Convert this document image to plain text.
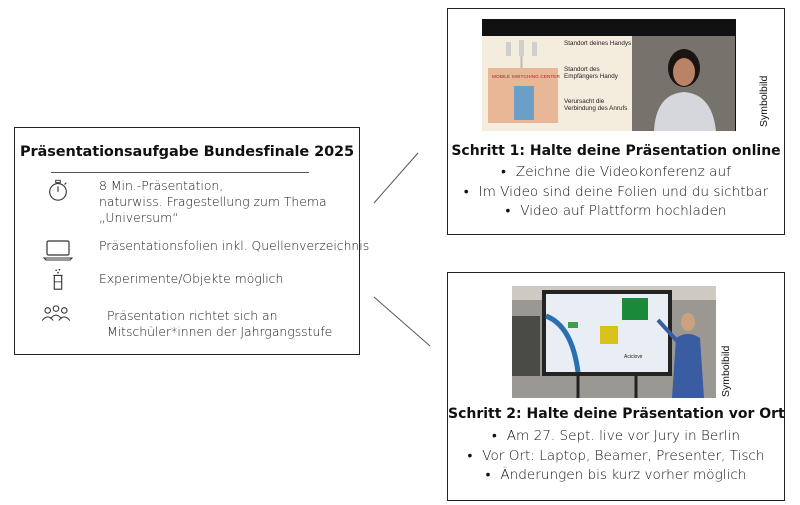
Präsentationsaufgabe Bundesfinale 2025
8 Min.-Präsentation,
naturwiss. Fragestellung zum Thema
„Universum“
Präsentationsfolien inkl. Quellenverzeichnis
Experimente/Objekte möglich
Präsentation richtet sich an
Mitschüler*innen der Jahrgangsstufe
MOBILE SWITCHING CENTER
Standort deines Handys
Standort des Empfängers Handy
Verursacht die Verbindung des Anrufs	Symbolbild
Schritt 1: Halte deine Präsentation online
• Zeichne die Videokonferenz auf
• Im Video sind deine Folien und du sichtbar
• Video auf Plattform hochladen
Aciclovir	Symbolbild
Schritt 2: Halte deine Präsentation vor Ort
• Am 27. Sept. live vor Jury in Berlin
• Vor Ort: Laptop, Beamer, Presenter, Tisch
• Änderungen bis kurz vorher möglich
